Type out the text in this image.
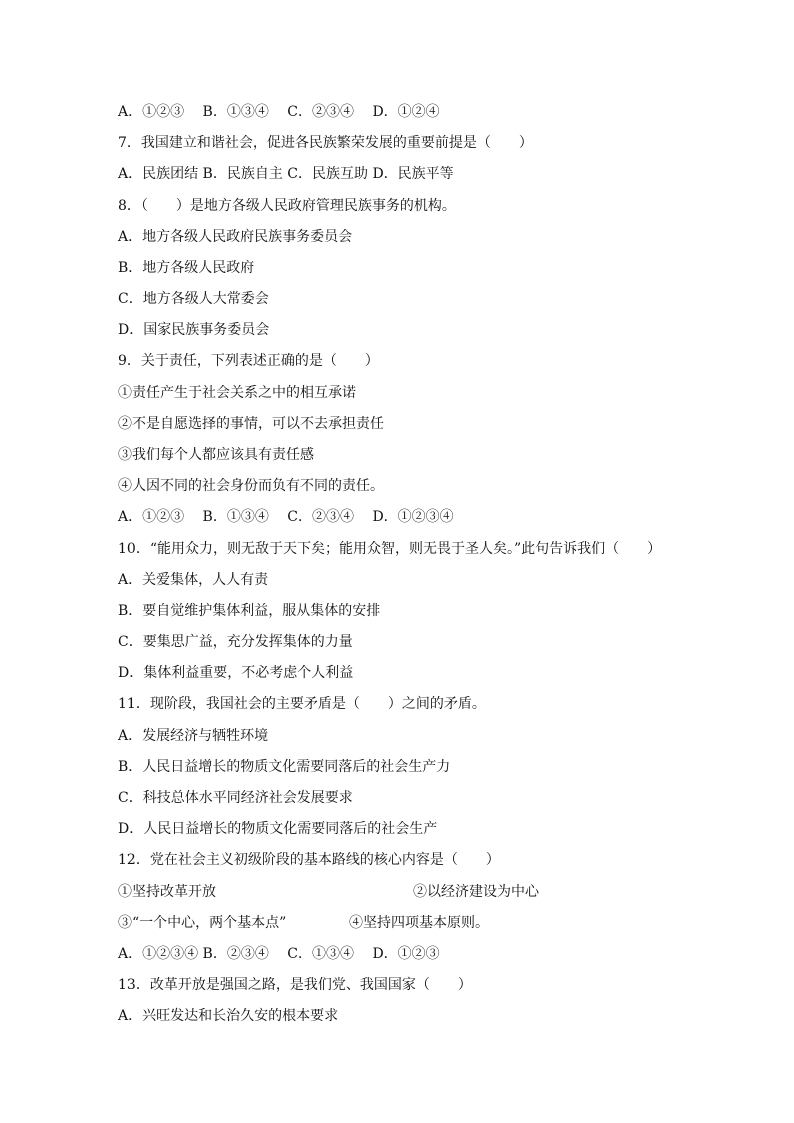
A．①②③　 B．①③④　 C．②③④　 D．①②④

7．我国建立和谐社会，促进各民族繁荣发展的重要前提是（　　）

A．民族团结 B．民族自主 C．民族互助 D．民族平等

8．（　　）是地方各级人民政府管理民族事务的机构。

A．地方各级人民政府民族事务委员会

B．地方各级人民政府

C．地方各级人大常委会

D．国家民族事务委员会

9．关于责任，下列表述正确的是（　　）

①责任产生于社会关系之中的相互承诺

②不是自愿选择的事情，可以不去承担责任

③我们每个人都应该具有责任感

④人因不同的社会身份而负有不同的责任。

A．①②③　 B．①③④　 C．②③④　 D．①②③④

10．“能用众力，则无敌于天下矣；能用众智，则无畏于圣人矣。”此句告诉我们（　　）

A．关爱集体，人人有责

B．要自觉维护集体利益，服从集体的安排

C．要集思广益，充分发挥集体的力量

D．集体利益重要，不必考虑个人利益

11．现阶段，我国社会的主要矛盾是（　　）之间的矛盾。

A．发展经济与牺牲环境

B．人民日益增长的物质文化需要同落后的社会生产力

C．科技总体水平同经济社会发展要求

D．人民日益增长的物质文化需要同落后的社会生产

12．党在社会主义初级阶段的基本路线的核心内容是（　　）

①坚持改革开放	②以经济建设为中心
③“一个中心，两个基本点”	④坚持四项基本原则。

A．①②③④ B．②③④　 C．①③④　 D．①②③

13．改革开放是强国之路，是我们党、我国国家（　　）

A．兴旺发达和长治久安的根本要求
